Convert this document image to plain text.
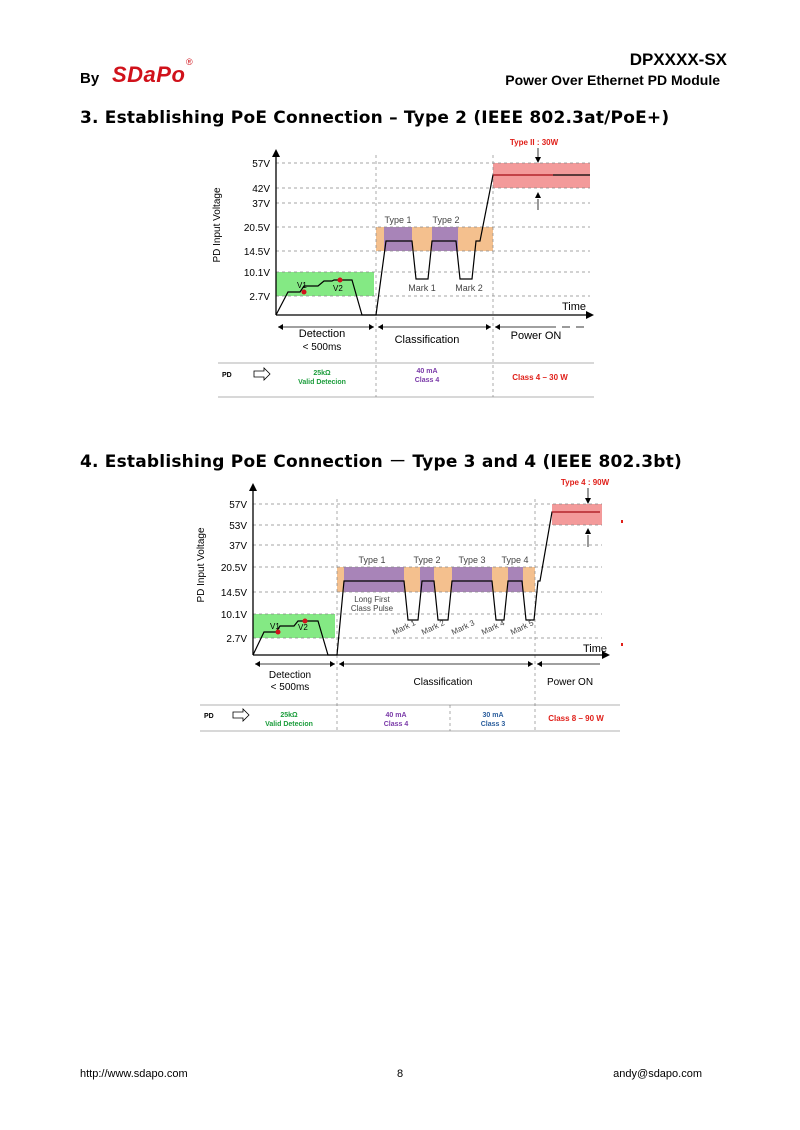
By SDaPo ®	DPXXXX-SX
Power Over Ethernet PD Module
3. Establishing PoE Connection – Type 2 (IEEE 802.3at/PoE+)
57V
42V
37V
20.5V
14.5V
10.1V
2.7V
PD Input Voltage
Time
V1	V2
Type 1 Type 2
Mark 1 Mark 2
Type II : 30W
Detection
< 500ms
Classification	Power ON
PD	25kΩ
Valid Detecion
40 mA
Class 4	Class 4 – 30 W
4. Establishing PoE Connection － Type 3 and 4 (IEEE 802.3bt)
57V
53V
37V
20.5V
14.5V
10.1V
2.7V
PD Input Voltage
Time
V1 V2
Type 1	Type 2 Type 3 Type 4
Long First
Class Pulse
Mark 1 Mark 2 Mark 3 Mark 4 Mark 5
Type 4 : 90W
Detection
< 500ms	Classification	Power ON
PD	25kΩ
Valid Detecion
40 mA
Class 4
30 mA
Class 3
Class 8 – 90 W
http://www.sdapo.com	8	andy@sdapo.com
